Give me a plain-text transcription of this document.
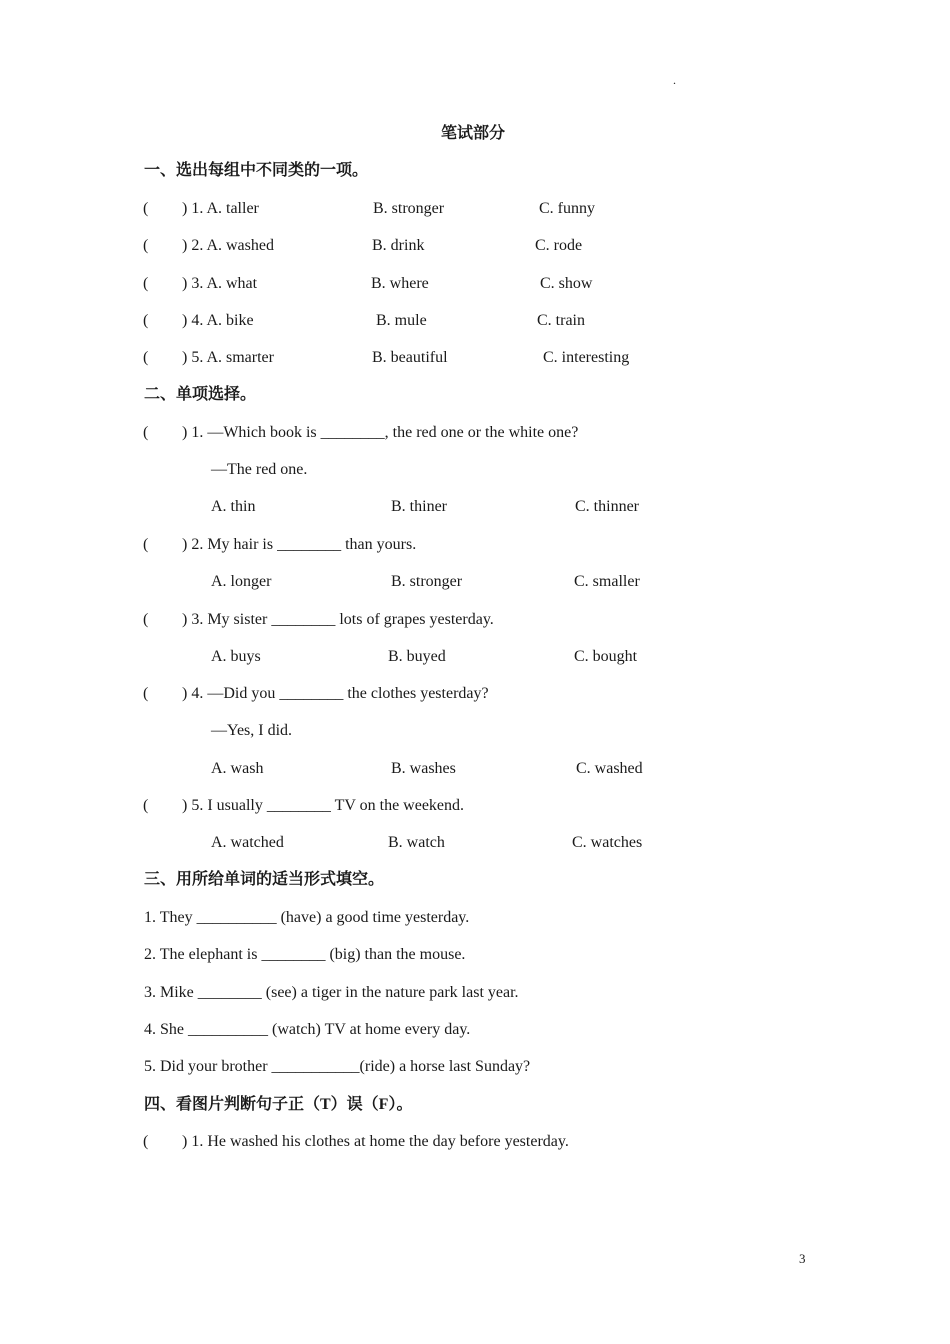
.
笔试部分
一、选出每组中不同类的一项。
( ) 1. A. taller	B. stronger	C. funny
( ) 2. A. washed	B. drink	C. rode
( ) 3. A. what	B. where	C. show
( ) 4. A. bike	B. mule	C. train
( ) 5. A. smarter	B. beautiful	C. interesting
二、单项选择。
( ) 1. —Which book is ________, the red one or the white one?
—The red one.
A. thin	B. thiner	C. thinner
( ) 2. My hair is ________ than yours.
A. longer	B. stronger	C. smaller
( ) 3. My sister ________ lots of grapes yesterday.
A. buys	B. buyed	C. bought
( ) 4. —Did you ________ the clothes yesterday?
—Yes, I did.
A. wash	B. washes	C. washed
( ) 5. I usually ________ TV on the weekend.
A. watched	B. watch	C. watches
三、用所给单词的适当形式填空。
1. They __________ (have) a good time yesterday.
2. The elephant is ________ (big) than the mouse.
3. Mike ________ (see) a tiger in the nature park last year.
4. She __________ (watch) TV at home every day.
5. Did your brother ___________(ride) a horse last Sunday?
四、看图片判断句子正（T）误（F）。
( ) 1. He washed his clothes at home the day before yesterday.
3
